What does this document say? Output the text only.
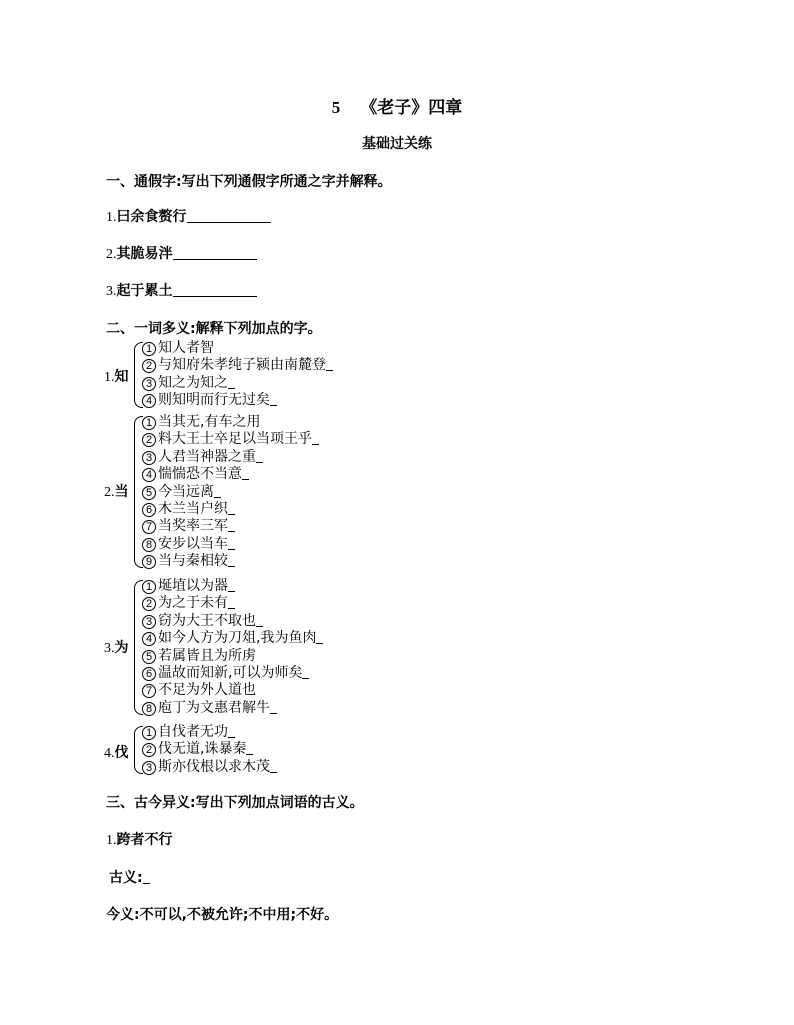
5 《老子》四章
基础过关练
一、通假字:写出下列通假字所通之字并解释。
1.曰余食赘行
2.其脆易泮
3.起于累土
二、一词多义:解释下列加点的字。
1.知
1 知人者智
2 与知府朱孝纯子颍由南麓登
3 知之为知之
4 则知明而行无过矣
2.当
1 当其无,有车之用
2 料大王士卒足以当项王乎
3 人君当神器之重
4 惴惴恐不当意
5 今当远离
6 木兰当户织
7 当奖率三军
8 安步以当车
9 当与秦相较
3.为
1 埏埴以为器
2 为之于未有
3 窃为大王不取也
4 如今人方为刀俎,我为鱼肉
5 若属皆且为所虏
6 温故而知新,可以为师矣
7 不足为外人道也
8 庖丁为文惠君解牛
4.伐
1 自伐者无功
2 伐无道,诛暴秦
3 斯亦伐根以求木茂
三、古今异义:写出下列加点词语的古义。
1.跨者不行
古义:
今义:不可以,不被允许;不中用;不好。
